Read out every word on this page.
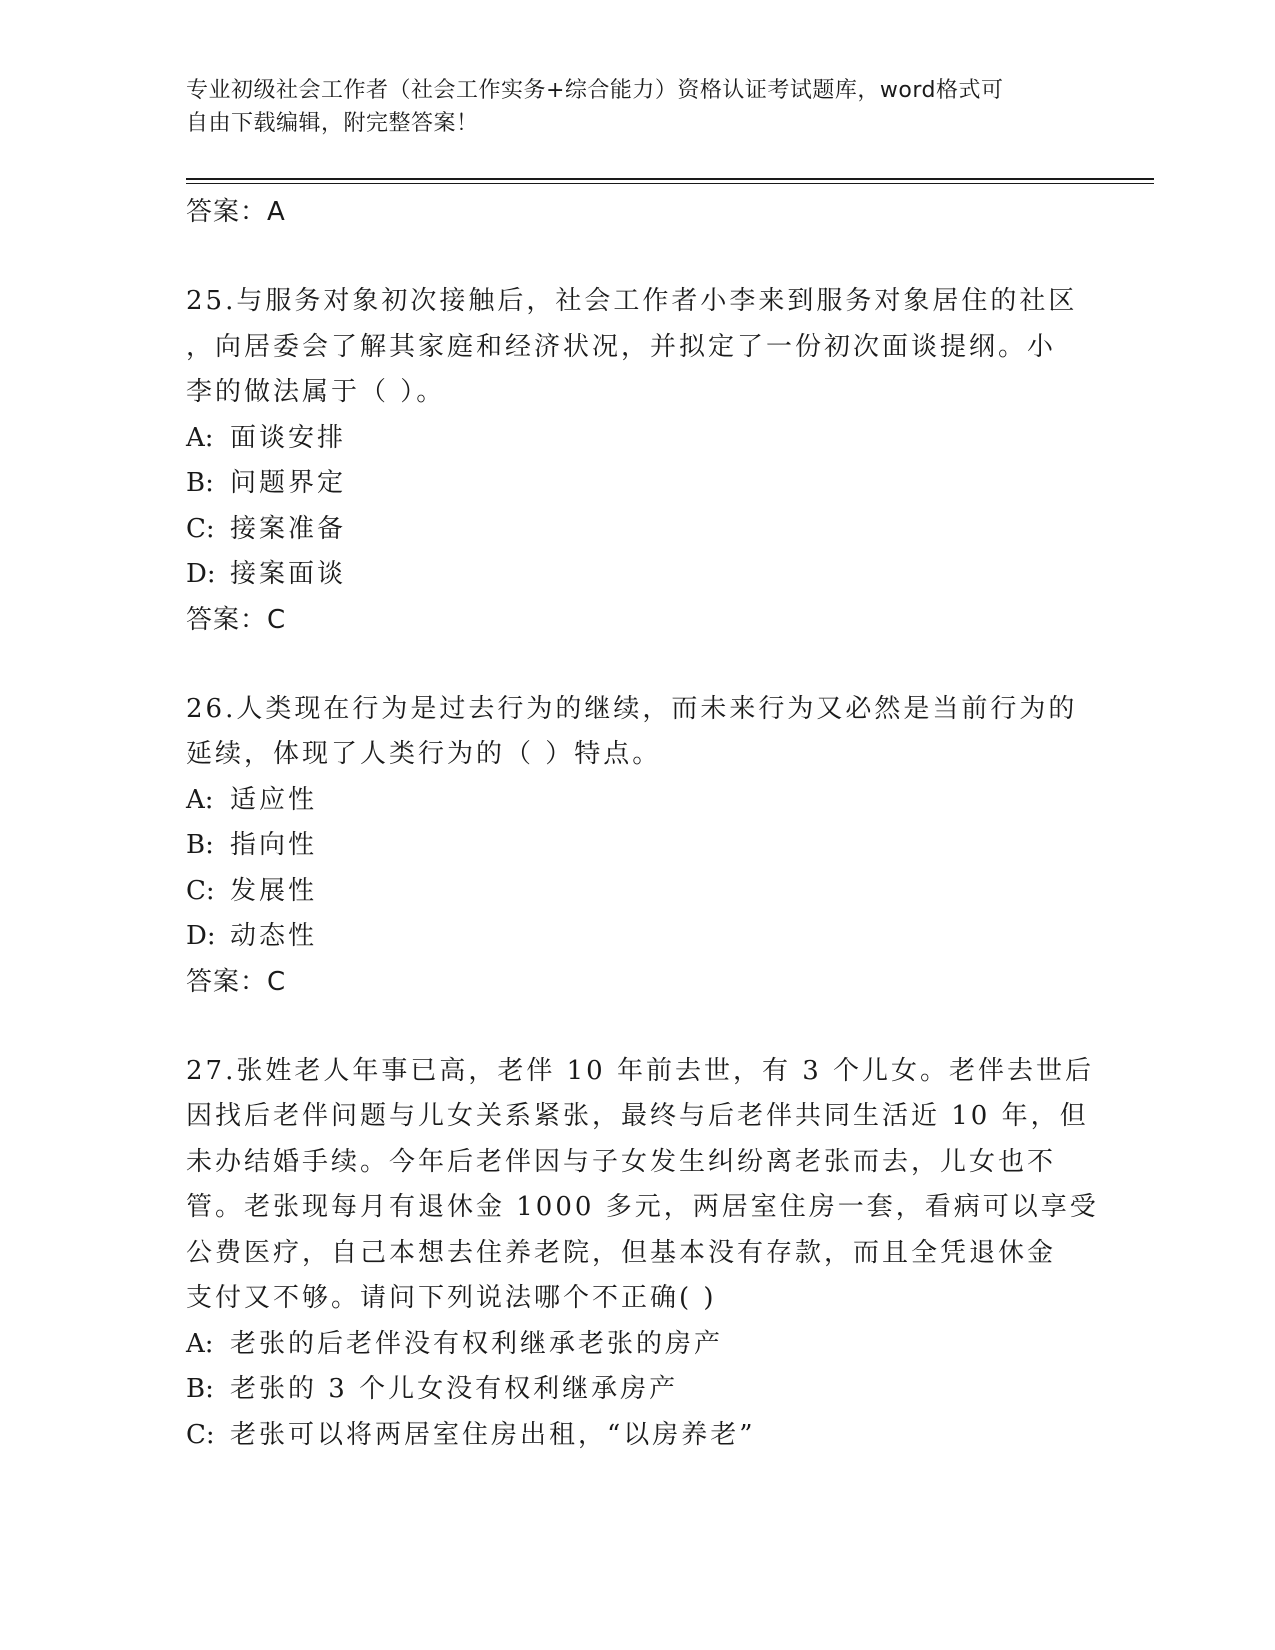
专业初级社会工作者（社会工作实务+综合能力）资格认证考试题库，word格式可
自由下载编辑，附完整答案！
答案：A
25.与服务对象初次接触后，社会工作者小李来到服务对象居住的社区
，向居委会了解其家庭和经济状况，并拟定了一份初次面谈提纲。小
李的做法属于（ ）。
A: 面谈安排
B: 问题界定
C: 接案准备
D: 接案面谈
答案：C
26.人类现在行为是过去行为的继续，而未来行为又必然是当前行为的
延续，体现了人类行为的（ ）特点。
A: 适应性
B: 指向性
C: 发展性
D: 动态性
答案：C
27.张姓老人年事已高，老伴 10 年前去世，有 3 个儿女。老伴去世后
因找后老伴问题与儿女关系紧张，最终与后老伴共同生活近 10 年，但
未办结婚手续。今年后老伴因与子女发生纠纷离老张而去，儿女也不
管。老张现每月有退休金 1000 多元，两居室住房一套，看病可以享受
公费医疗，自己本想去住养老院，但基本没有存款，而且全凭退休金
支付又不够。请问下列说法哪个不正确( )
A: 老张的后老伴没有权利继承老张的房产
B: 老张的 3 个儿女没有权利继承房产
C: 老张可以将两居室住房出租，“以房养老”
